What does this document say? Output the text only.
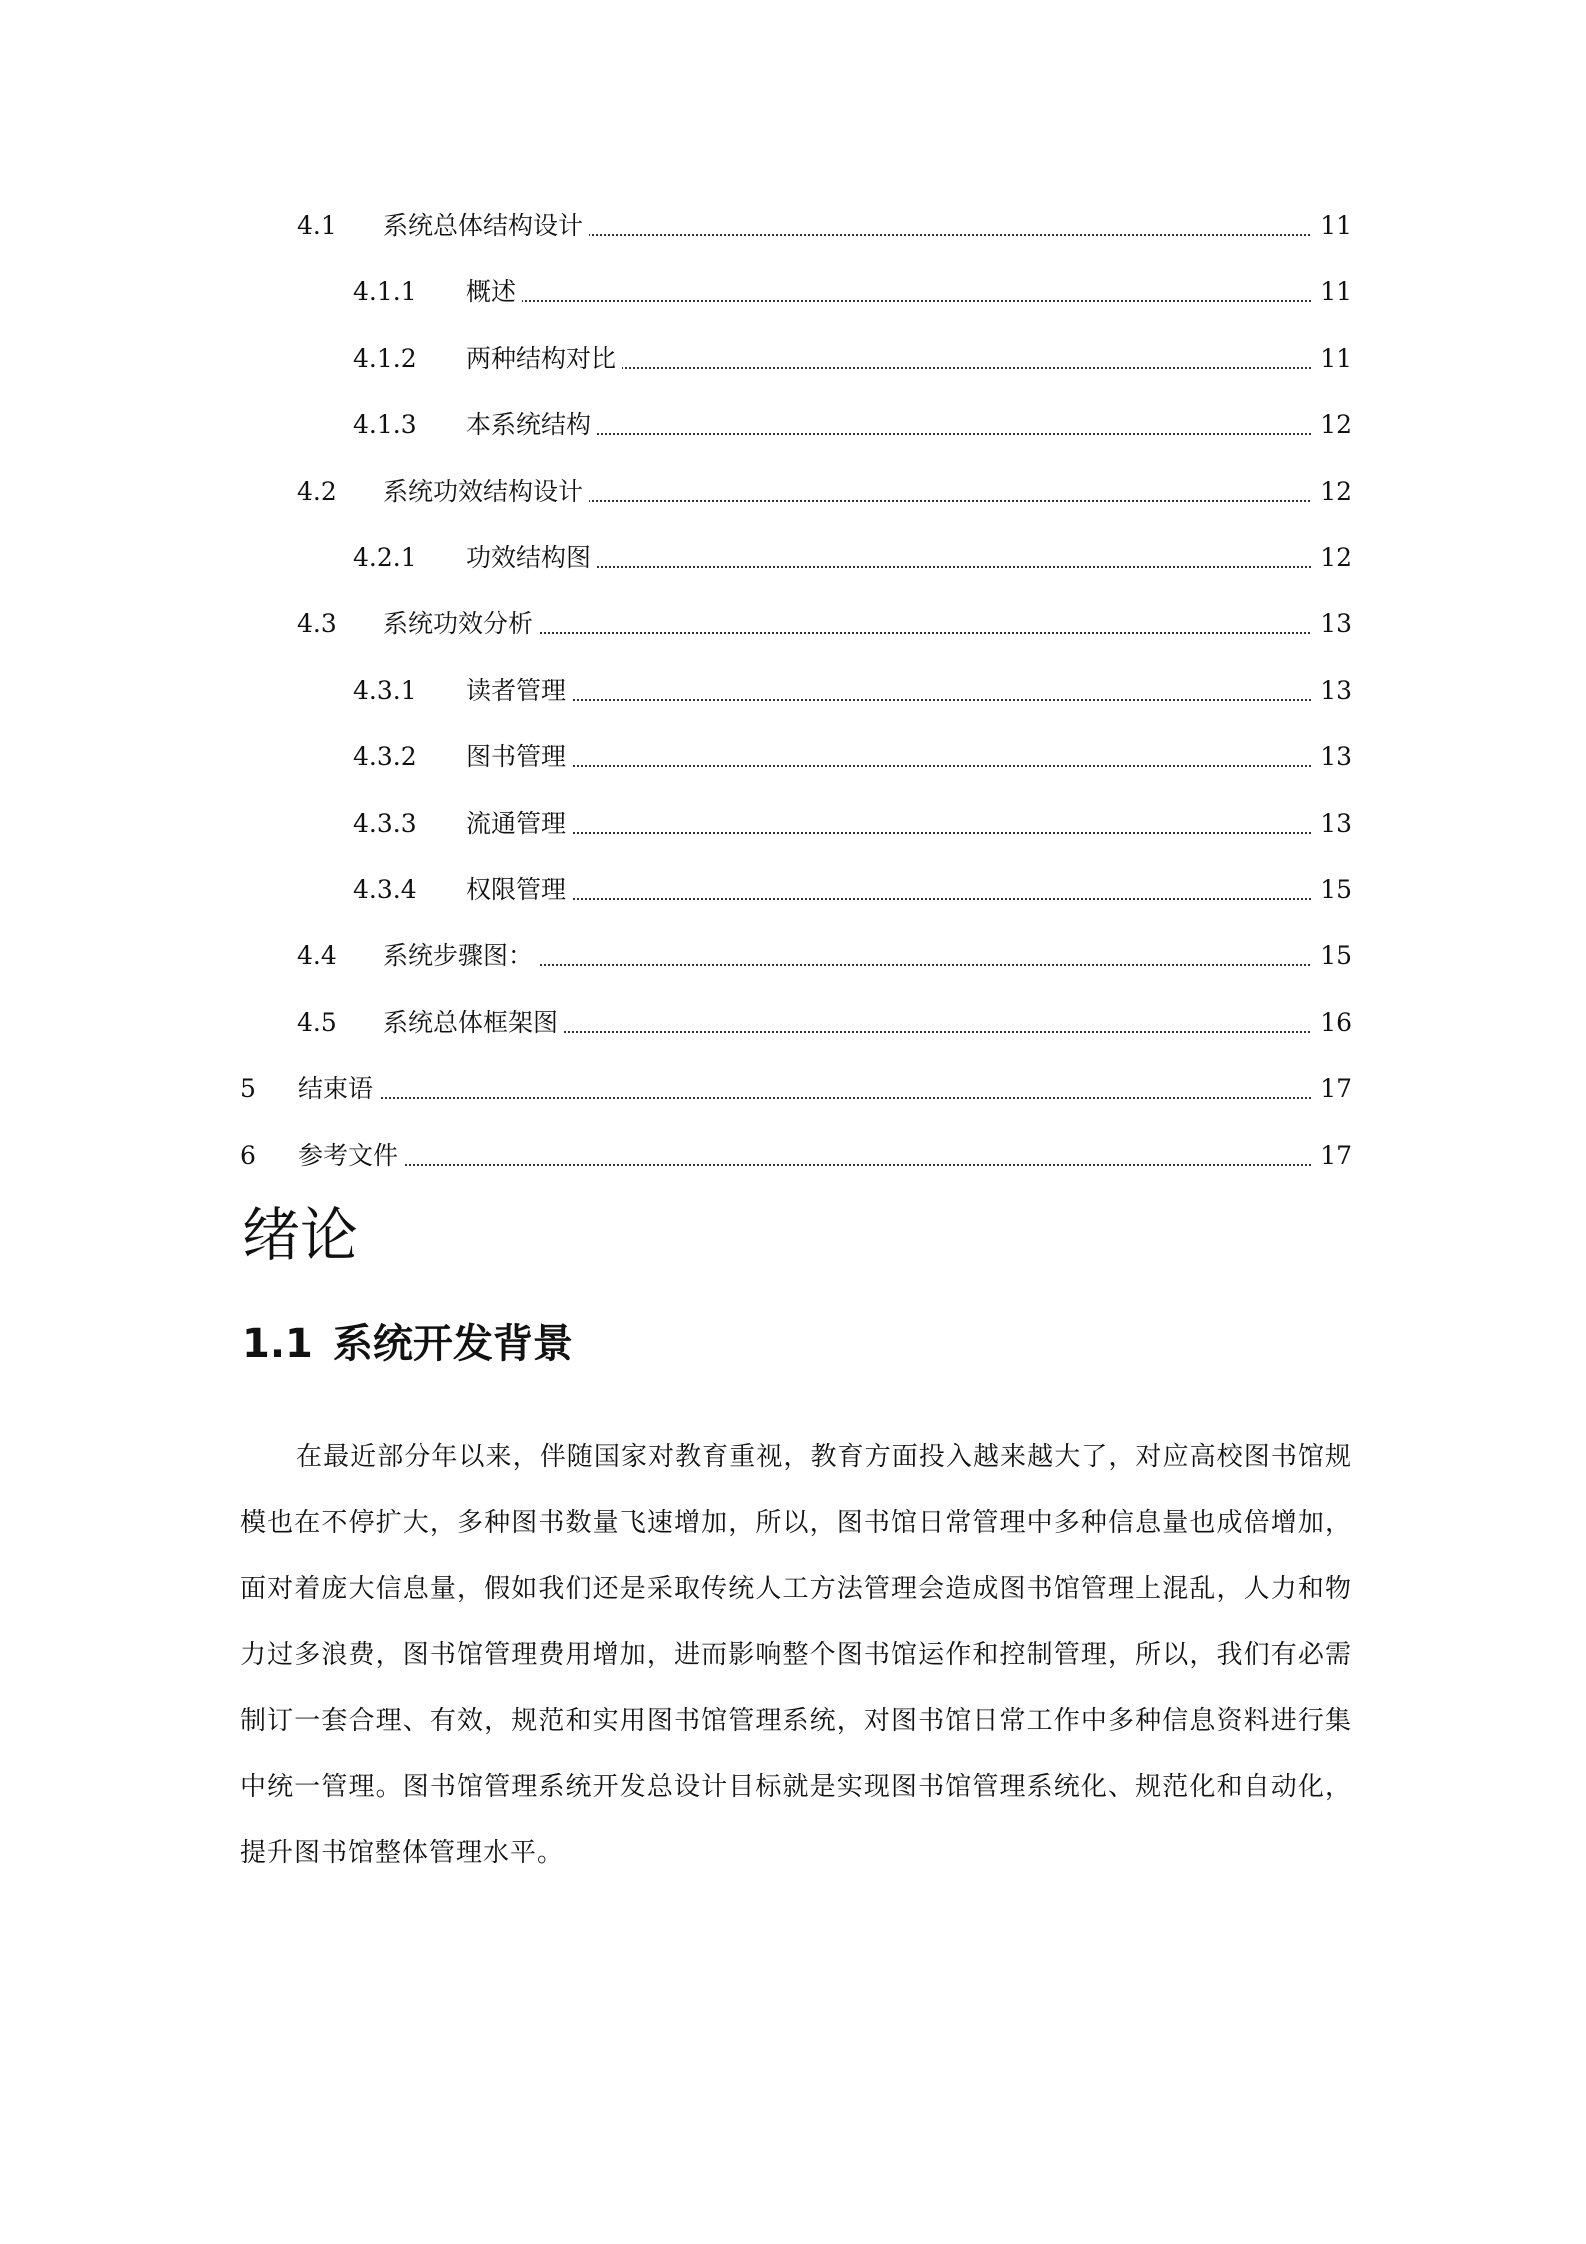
4.1 系统总体结构设计	11
4.1.1 概述	11
4.1.2 两种结构对比	11
4.1.3 本系统结构	12
4.2 系统功效结构设计	12
4.2.1 功效结构图	12
4.3 系统功效分析	13
4.3.1 读者管理	13
4.3.2 图书管理	13
4.3.3 流通管理	13
4.3.4 权限管理	15
4.4 系统步骤图：	15
4.5 系统总体框架图	16
5 结束语	17
6 参考文件	17
绪论
1.1 系统开发背景

在最近部分年以来，伴随国家对教育重视，教育方面投入越来越大了，对应高校图书馆规模也在不停扩大，多种图书数量飞速增加，所以，图书馆日常管理中多种信息量也成倍增加，面对着庞大信息量，假如我们还是采取传统人工方法管理会造成图书馆管理上混乱，人力和物力过多浪费，图书馆管理费用增加，进而影响整个图书馆运作和控制管理，所以，我们有必需制订一套合理、有效，规范和实用图书馆管理系统，对图书馆日常工作中多种信息资料进行集中统一管理。图书馆管理系统开发总设计目标就是实现图书馆管理系统化、规范化和自动化，提升图书馆整体管理水平。
